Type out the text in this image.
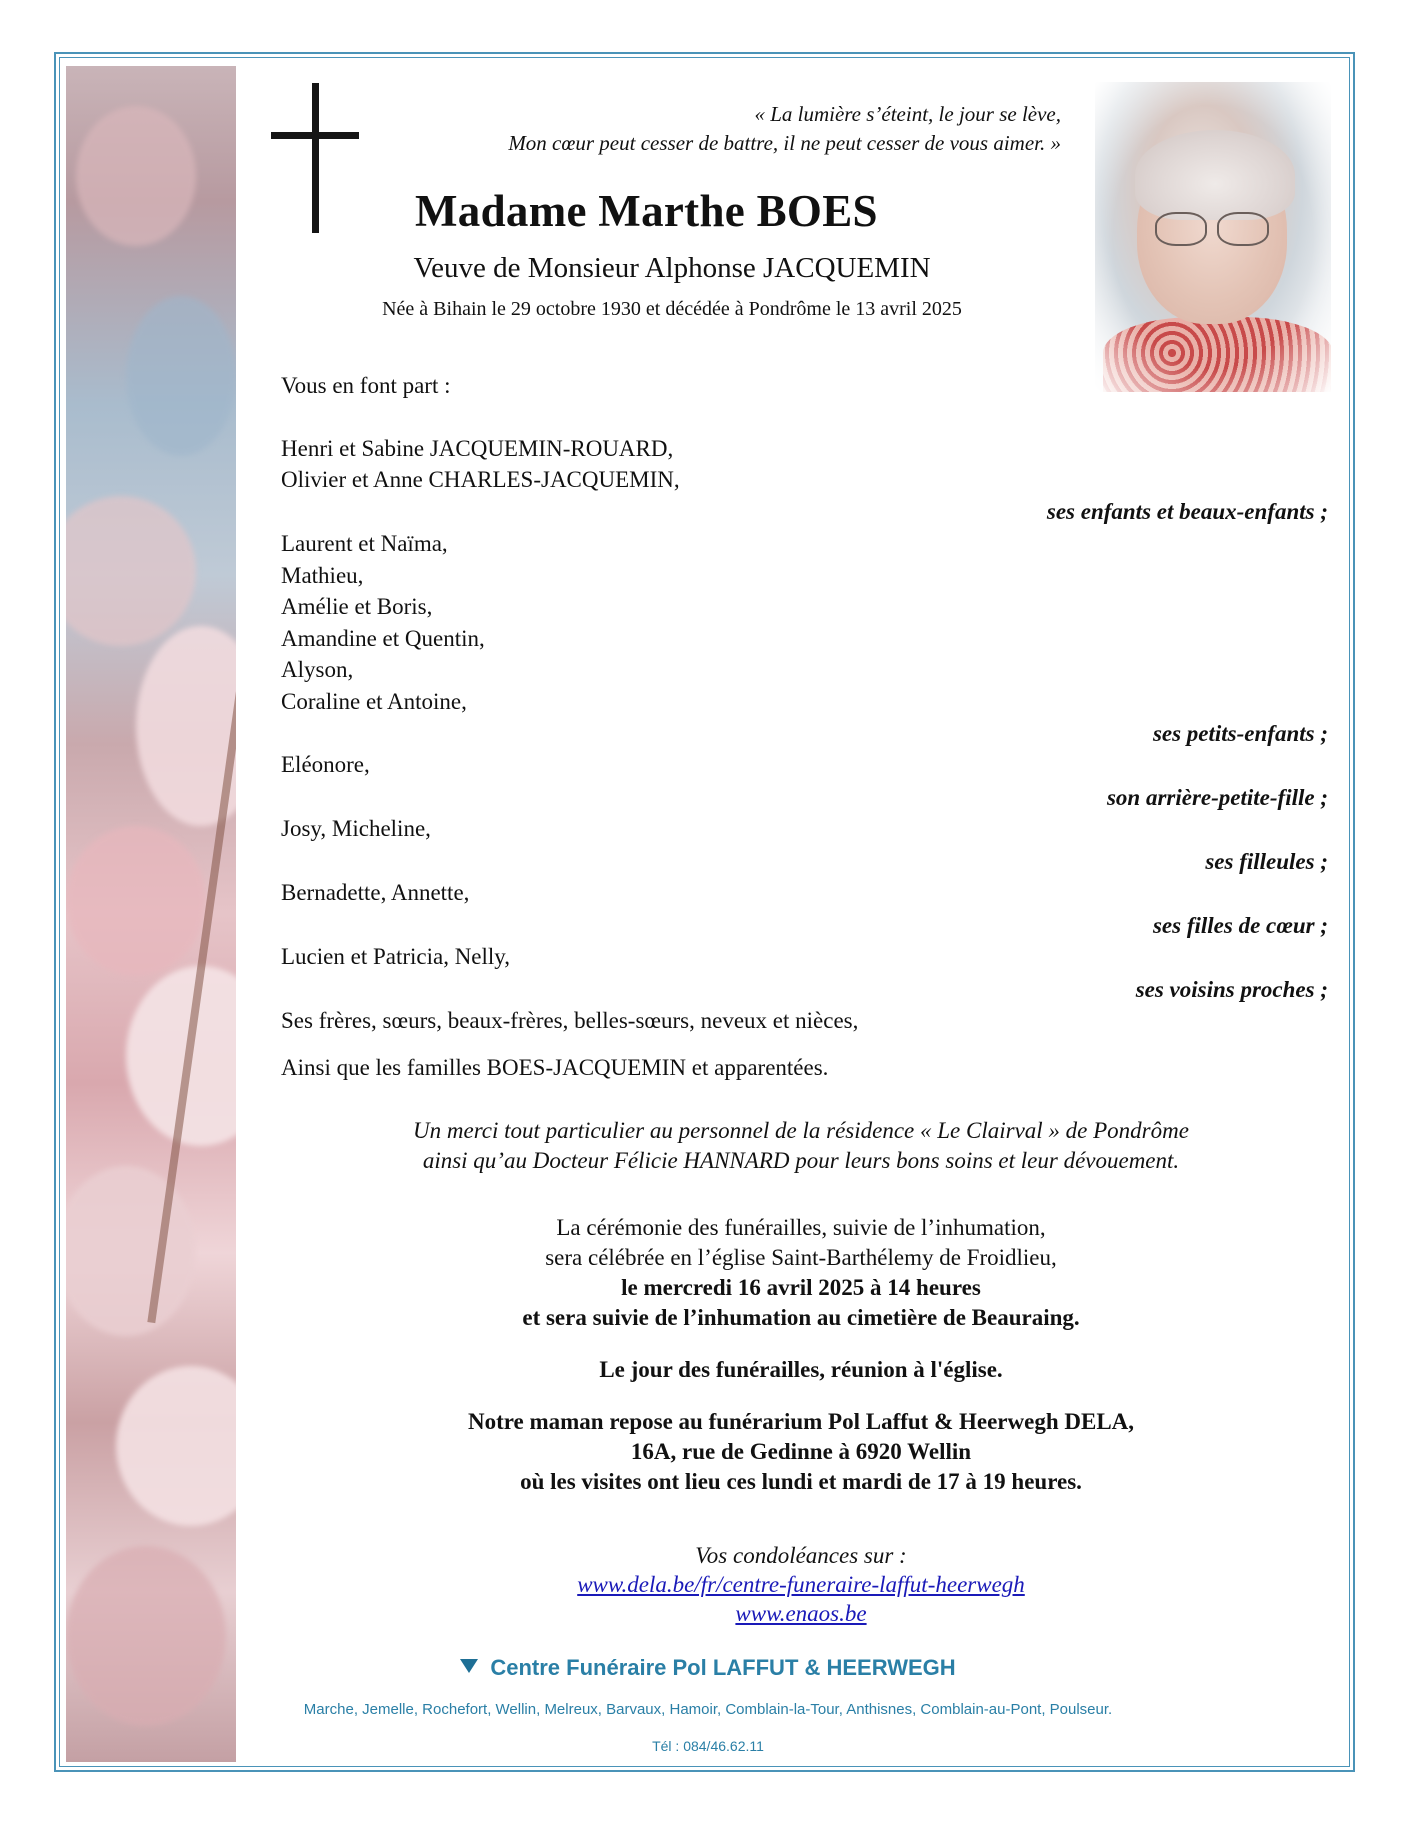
« La lumière s’éteint, le jour se lève,
Mon cœur peut cesser de battre, il ne peut cesser de vous aimer. »
Madame Marthe BOES
Veuve de Monsieur Alphonse JACQUEMIN
Née à Bihain le 29 octobre 1930 et décédée à Pondrôme le 13 avril 2025
Vous en font part :
Henri et Sabine JACQUEMIN-ROUARD,
Olivier et Anne CHARLES-JACQUEMIN,
ses enfants et beaux-enfants ;
Laurent et Naïma,
Mathieu,
Amélie et Boris,
Amandine et Quentin,
Alyson,
Coraline et Antoine,
ses petits-enfants ;
Eléonore,
son arrière-petite-fille ;
Josy, Micheline,
ses filleules ;
Bernadette, Annette,
ses filles de cœur ;
Lucien et Patricia, Nelly,
ses voisins proches ;
Ses frères, sœurs, beaux-frères, belles-sœurs, neveux et nièces,
Ainsi que les familles BOES-JACQUEMIN et apparentées.
Un merci tout particulier au personnel de la résidence « Le Clairval » de Pondrôme
ainsi qu’au Docteur Félicie HANNARD pour leurs bons soins et leur dévouement.
La cérémonie des funérailles, suivie de l’inhumation,
sera célébrée en l’église Saint-Barthélemy de Froidlieu,
le mercredi 16 avril 2025 à 14 heures
et sera suivie de l’inhumation au cimetière de Beauraing.
Le jour des funérailles, réunion à l'église.
Notre maman repose au funérarium Pol Laffut & Heerwegh DELA,
16A, rue de Gedinne à 6920 Wellin
où les visites ont lieu ces lundi et mardi de 17 à 19 heures.
Vos condoléances sur :
www.dela.be/fr/centre-funeraire-laffut-heerwegh
www.enaos.be
Centre Funéraire Pol LAFFUT & HEERWEGH
Marche, Jemelle, Rochefort, Wellin, Melreux, Barvaux, Hamoir, Comblain-la-Tour, Anthisnes, Comblain-au-Pont, Poulseur.
Tél : 084/46.62.11
